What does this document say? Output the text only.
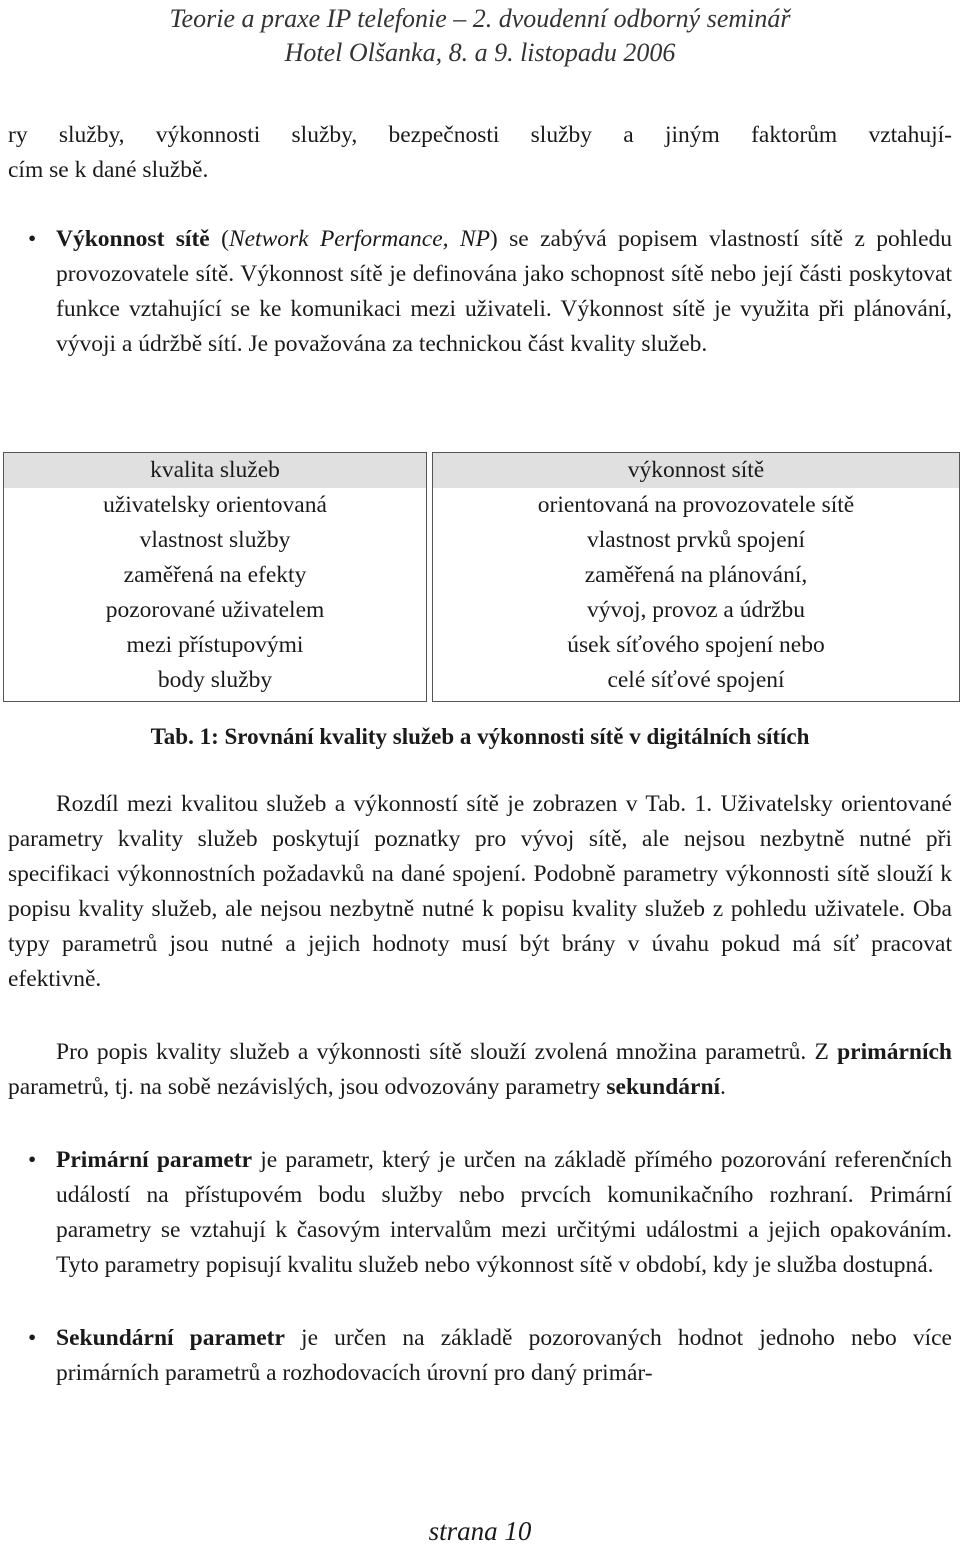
Teorie a praxe IP telefonie – 2. dvoudenní odborný seminář
Hotel Olšanka, 8. a 9. listopadu 2006
ry služby, výkonnosti služby, bezpečnosti služby a jiným faktorům vztahují-
cím se k dané službě.
• Výkonnost sítě (Network Performance, NP) se zabývá popisem vlastností sítě z pohledu provozovatele sítě. Výkonnost sítě je definována jako schopnost sítě nebo její části poskytovat funkce vztahující se ke komunikaci mezi uživateli. Výkonnost sítě je využita při plánování, vývoji a údržbě sítí. Je považována za technickou část kvality služeb.
kvalita služeb
uživatelsky orientovaná
vlastnost služby
zaměřená na efekty
pozorované uživatelem
mezi přístupovými
body služby
výkonnost sítě
orientovaná na provozovatele sítě
vlastnost prvků spojení
zaměřená na plánování,
vývoj, provoz a údržbu
úsek síťového spojení nebo
celé síťové spojení
Tab. 1: Srovnání kvality služeb a výkonnosti sítě v digitálních sítích

Rozdíl mezi kvalitou služeb a výkonností sítě je zobrazen v Tab. 1. Uživatelsky orientované parametry kvality služeb poskytují poznatky pro vývoj sítě, ale nejsou nezbytně nutné při specifikaci výkonnostních požadavků na dané spojení. Podobně parametry výkonnosti sítě slouží k popisu kvality služeb, ale nejsou nezbytně nutné k popisu kvality služeb z pohledu uživatele. Oba typy parametrů jsou nutné a jejich hodnoty musí být brány v úvahu pokud má síť pracovat efektivně.

Pro popis kvality služeb a výkonnosti sítě slouží zvolená množina parametrů. Z primárních parametrů, tj. na sobě nezávislých, jsou odvozovány parametry sekundární.

• Primární parametr je parametr, který je určen na základě přímého pozorování referenčních událostí na přístupovém bodu služby nebo prvcích komunikačního rozhraní. Primární parametry se vztahují k časovým intervalům mezi určitými událostmi a jejich opakováním. Tyto parametry popisují kvalitu služeb nebo výkonnost sítě v období, kdy je služba dostupná.
• Sekundární parametr je určen na základě pozorovaných hodnot jednoho nebo více primárních parametrů a rozhodovacích úrovní pro daný primár-
strana 10
